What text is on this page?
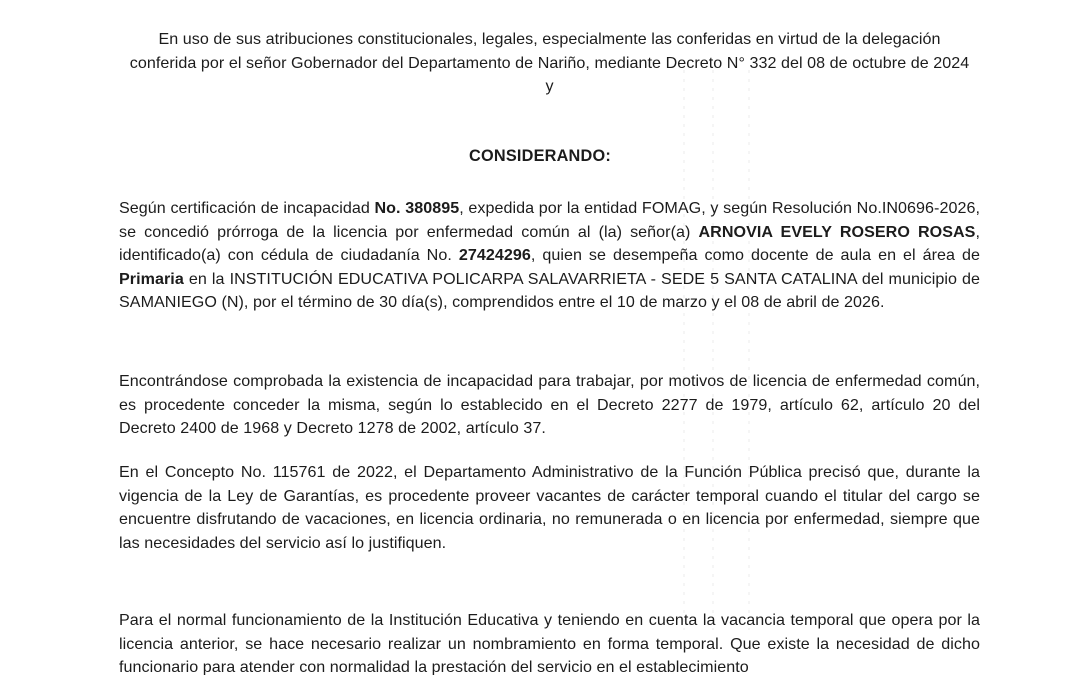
En uso de sus atribuciones constitucionales, legales, especialmente las conferidas en virtud de la delegación conferida por el señor Gobernador del Departamento de Nariño, mediante Decreto N° 332 del 08 de octubre de 2024 y

CONSIDERANDO:

Según certificación de incapacidad No. 380895, expedida por la entidad FOMAG, y según Resolución No.IN0696-2026, se concedió prórroga de la licencia por enfermedad común al (la) señor(a) ARNOVIA EVELY ROSERO ROSAS, identificado(a) con cédula de ciudadanía No. 27424296, quien se desempeña como docente de aula en el área de Primaria en la INSTITUCIÓN EDUCATIVA POLICARPA SALAVARRIETA - SEDE 5 SANTA CATALINA del municipio de SAMANIEGO (N), por el término de 30 día(s), comprendidos entre el 10 de marzo y el 08 de abril de 2026.

Encontrándose comprobada la existencia de incapacidad para trabajar, por motivos de licencia de enfermedad común, es procedente conceder la misma, según lo establecido en el Decreto 2277 de 1979, artículo 62, artículo 20 del Decreto 2400 de 1968 y Decreto 1278 de 2002, artículo 37.

En el Concepto No. 115761 de 2022, el Departamento Administrativo de la Función Pública precisó que, durante la vigencia de la Ley de Garantías, es procedente proveer vacantes de carácter temporal cuando el titular del cargo se encuentre disfrutando de vacaciones, en licencia ordinaria, no remunerada o en licencia por enfermedad, siempre que las necesidades del servicio así lo justifiquen.

Para el normal funcionamiento de la Institución Educativa y teniendo en cuenta la vacancia temporal que opera por la licencia anterior, se hace necesario realizar un nombramiento en forma temporal. Que existe la necesidad de dicho funcionario para atender con normalidad la prestación del servicio en el establecimiento
